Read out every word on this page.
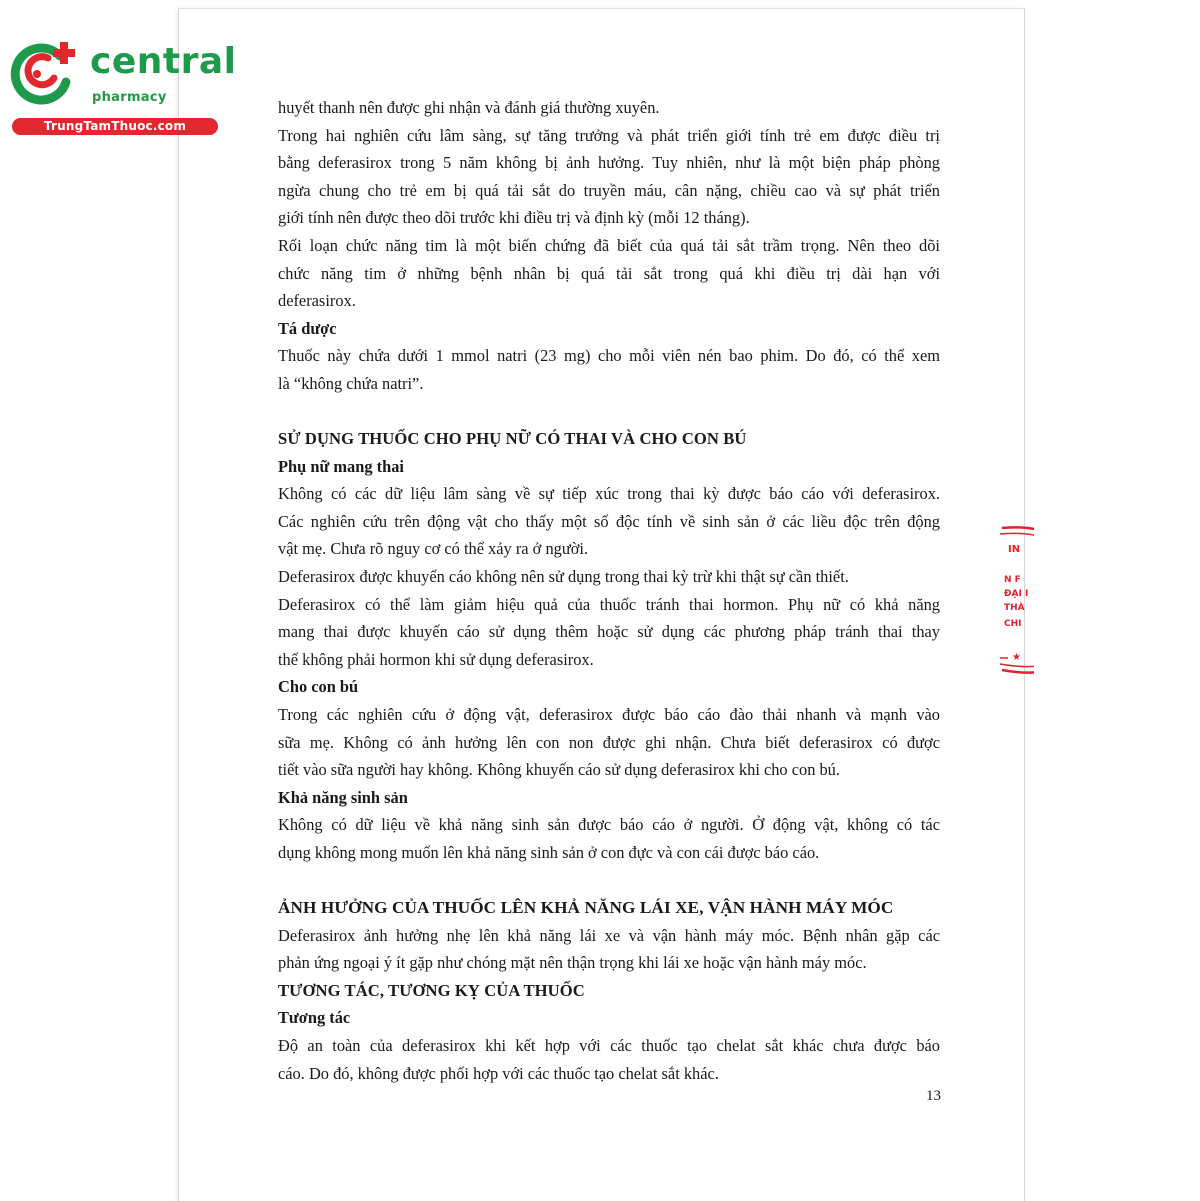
central
pharmacy
TrungTamThuoc.com
huyết thanh nên được ghi nhận và đánh giá thường xuyên.
Trong hai nghiên cứu lâm sàng, sự tăng trưởng và phát triển giới tính trẻ em được điều trị
bằng deferasirox trong 5 năm không bị ảnh hưởng. Tuy nhiên, như là một biện pháp phòng
ngừa chung cho trẻ em bị quá tải sắt do truyền máu, cân nặng, chiều cao và sự phát triển
giới tính nên được theo dõi trước khi điều trị và định kỳ (mỗi 12 tháng).
Rối loạn chức năng tim là một biến chứng đã biết của quá tải sắt trầm trọng. Nên theo dõi
chức năng tim ở những bệnh nhân bị quá tải sắt trong quá khi điều trị dài hạn với
deferasirox.
Tá dược
Thuốc này chứa dưới 1 mmol natri (23 mg) cho mỗi viên nén bao phim. Do đó, có thể xem
là “không chứa natri”.
SỬ DỤNG THUỐC CHO PHỤ NỮ CÓ THAI VÀ CHO CON BÚ
Phụ nữ mang thai
Không có các dữ liệu lâm sàng về sự tiếp xúc trong thai kỳ được báo cáo với deferasirox.
Các nghiên cứu trên động vật cho thấy một số độc tính về sinh sản ở các liều độc trên động
vật mẹ. Chưa rõ nguy cơ có thể xảy ra ở người.
Deferasirox được khuyến cáo không nên sử dụng trong thai kỳ trừ khi thật sự cần thiết.
Deferasirox có thể làm giảm hiệu quả của thuốc tránh thai hormon. Phụ nữ có khả năng
mang thai được khuyến cáo sử dụng thêm hoặc sử dụng các phương pháp tránh thai thay
thế không phải hormon khi sử dụng deferasirox.
Cho con bú
Trong các nghiên cứu ở động vật, deferasirox được báo cáo đào thải nhanh và mạnh vào
sữa mẹ. Không có ảnh hưởng lên con non được ghi nhận. Chưa biết deferasirox có được
tiết vào sữa người hay không. Không khuyến cáo sử dụng deferasirox khi cho con bú.
Khả năng sinh sản
Không có dữ liệu về khả năng sinh sản được báo cáo ở người. Ở động vật, không có tác
dụng không mong muốn lên khả năng sinh sản ở con đực và con cái được báo cáo.
ẢNH HƯỞNG CỦA THUỐC LÊN KHẢ NĂNG LÁI XE, VẬN HÀNH MÁY MÓC
Deferasirox ảnh hưởng nhẹ lên khả năng lái xe và vận hành máy móc. Bệnh nhân gặp các
phản ứng ngoại ý ít gặp như chóng mặt nên thận trọng khi lái xe hoặc vận hành máy móc.
TƯƠNG TÁC, TƯƠNG KỴ CỦA THUỐC
Tương tác
Độ an toàn của deferasirox khi kết hợp với các thuốc tạo chelat sắt khác chưa được báo
cáo. Do đó, không được phối hợp với các thuốc tạo chelat sắt khác.
13
IN
N F
ĐẠI I
THÀ
CHI
★
